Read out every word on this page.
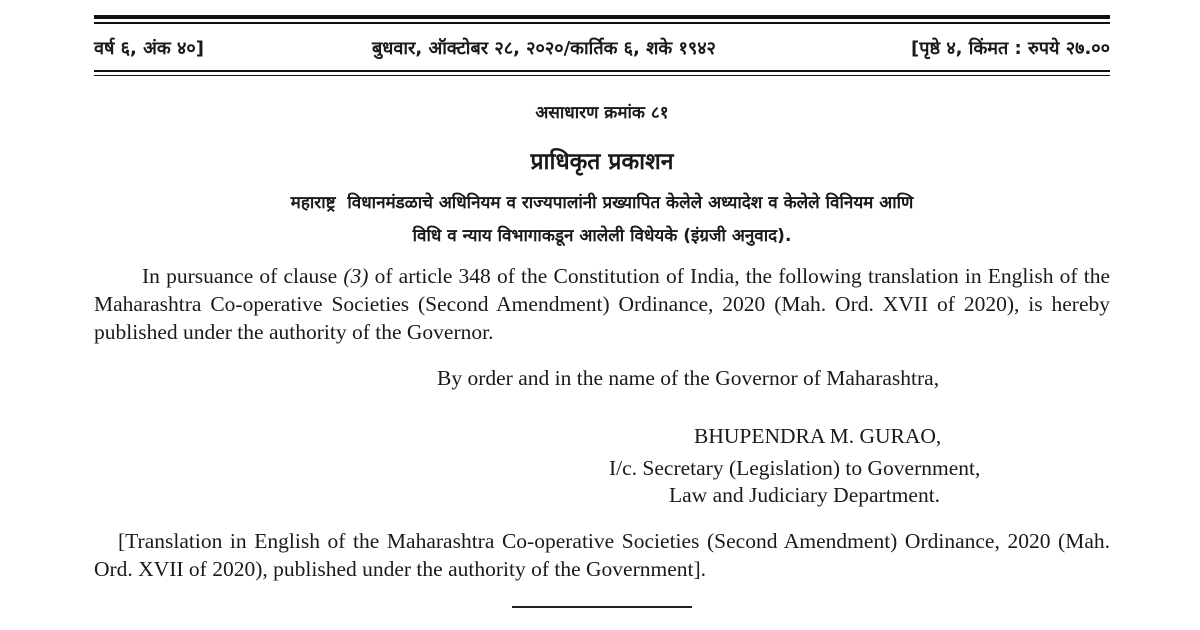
वर्ष ६, अंक ४०]	बुधवार, ऑक्टोबर २८, २०२०/कार्तिक ६, शके १९४२	[पृष्ठे ४, किंमत : रुपये २७.००
असाधारण क्रमांक ८१
प्राधिकृत प्रकाशन
महाराष्ट्र  विधानमंडळाचे अधिनियम व राज्यपालांनी प्रख्यापित केलेले अध्यादेश व केलेले विनियम आणि
विधि व न्याय विभागाकडून आलेली विधेयके (इंग्रजी अनुवाद).
In pursuance of clause (3) of article 348 of the Constitution of India, the following translation in English of the Maharashtra Co-operative Societies (Second Amendment) Ordinance, 2020 (Mah. Ord. XVII of 2020), is hereby published under the authority of the Governor.
By order and in the name of the Governor of Maharashtra,
BHUPENDRA M. GURAO,
I/c. Secretary (Legislation) to Government,
Law and Judiciary Department.
[Translation in English of the Maharashtra Co-operative Societies (Second Amendment) Ordinance, 2020 (Mah. Ord. XVII of 2020), published under the authority of the Government].
